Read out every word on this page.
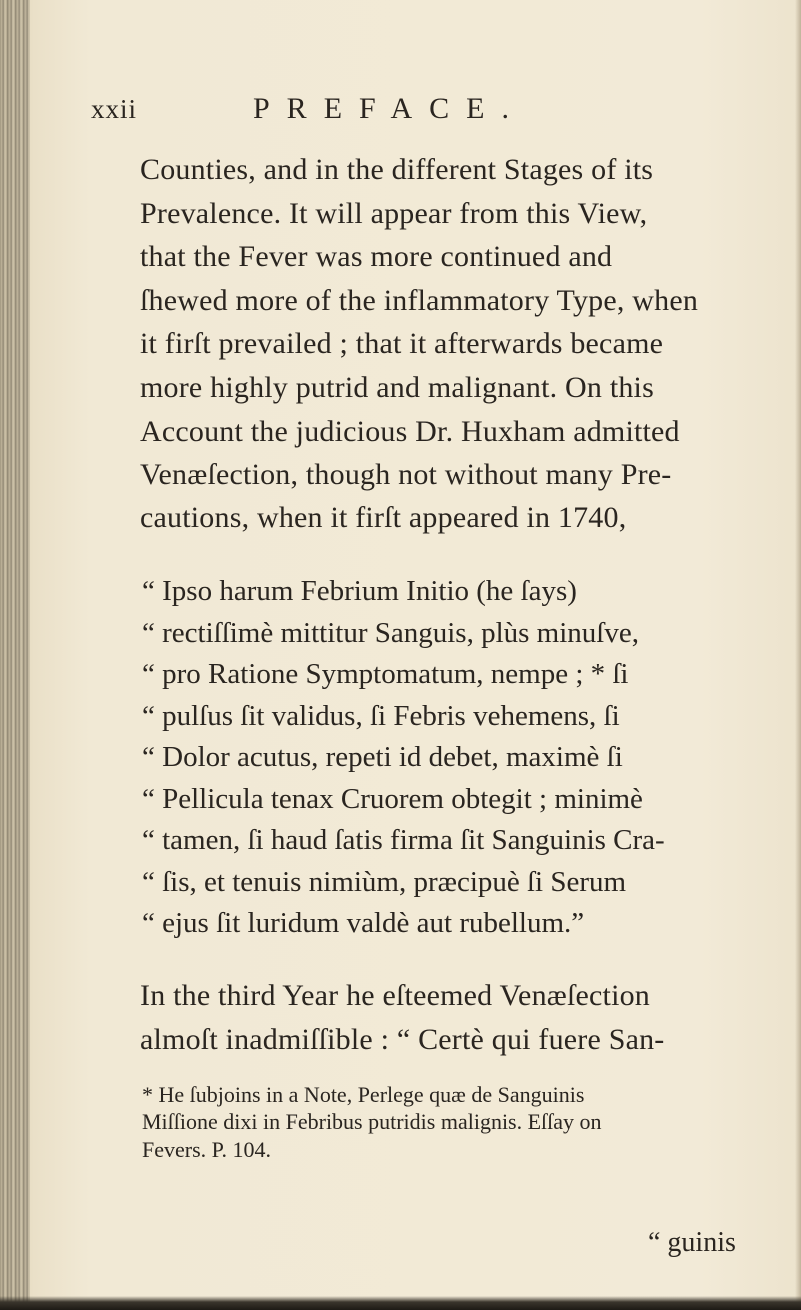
xxii	PREFACE.
Counties, and in the different Stages of its
Prevalence. It will appear from this View,
that the Fever was more continued and
ſhewed more of the inflammatory Type, when
it firſt prevailed ; that it afterwards became
more highly putrid and malignant. On this
Account the judicious Dr. Huxham admitted
Venæſection, though not without many Pre-
cautions, when it firſt appeared in 1740,
“ Ipso harum Febrium Initio (he ſays)
“ rectiſſimè mittitur Sanguis, plùs minuſve,
“ pro Ratione Symptomatum, nempe ; * ſi
“ pulſus ſit validus, ſi Febris vehemens, ſi
“ Dolor acutus, repeti id debet, maximè ſi
“ Pellicula tenax Cruorem obtegit ; minimè
“ tamen, ſi haud ſatis firma ſit Sanguinis Cra-
“ ſis, et tenuis nimiùm, præcipuè ſi Serum
“ ejus ſit luridum valdè aut rubellum.”
In the third Year he eſteemed Venæſection
almoſt inadmiſſible : “ Certè qui fuere San-
* He ſubjoins in a Note, Perlege quæ de Sanguinis
Miſſione dixi in Febribus putridis malignis. Eſſay on
Fevers. P. 104.
“ guinis
